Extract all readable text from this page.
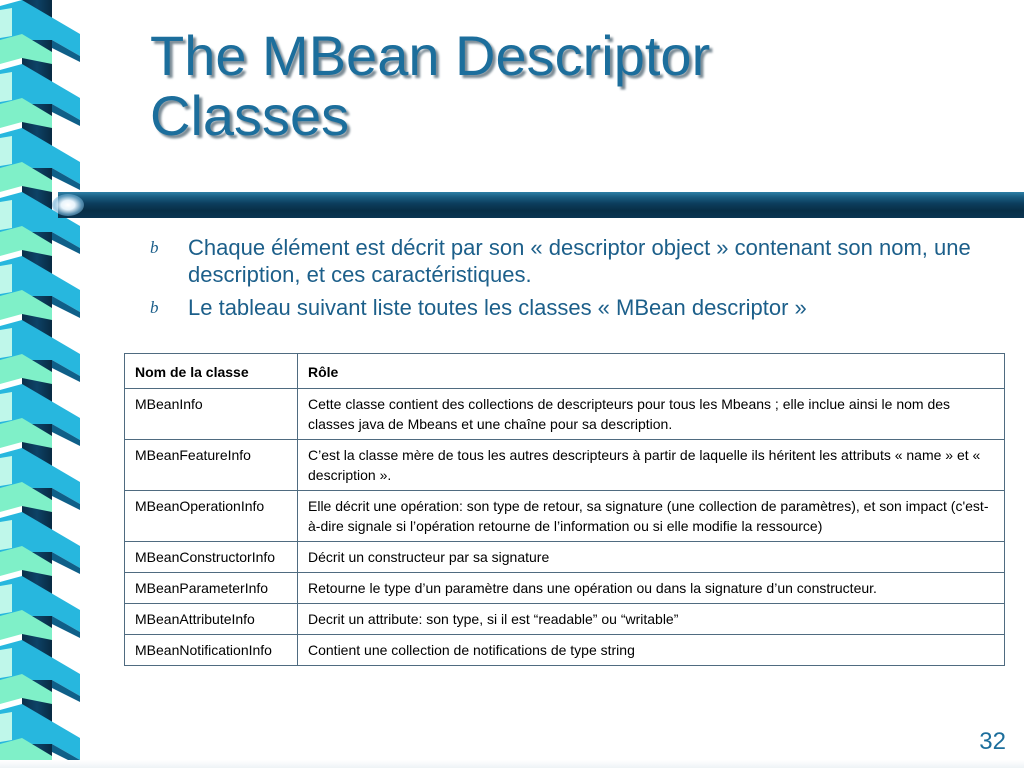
The MBean Descriptor
Classes
b Chaque élément est décrit par son « descriptor object » contenant son nom, une description, et ces caractéristiques.
b Le tableau suivant liste toutes les classes « MBean descriptor »
Nom de la classe	Rôle
MBeanInfo	Cette classe contient des collections de descripteurs pour tous les Mbeans ; elle inclue ainsi le nom des classes java de Mbeans et une chaîne pour sa description.
MBeanFeatureInfo	C’est la classe mère de tous les autres descripteurs à partir de laquelle ils héritent les attributs « name » et « description ».
MBeanOperationInfo	Elle décrit une opération: son type de retour, sa signature (une collection de paramètres), et son impact (c'est-à-dire signale si l’opération retourne de l’information ou si elle modifie la ressource)
MBeanConstructorInfo	Décrit un constructeur par sa signature
MBeanParameterInfo	Retourne le type d’un paramètre dans une opération ou dans la signature d’un constructeur.
MBeanAttributeInfo	Decrit un attribute: son type, si il est “readable” ou “writable”
MBeanNotificationInfo	Contient une collection de notifications de type string
32
